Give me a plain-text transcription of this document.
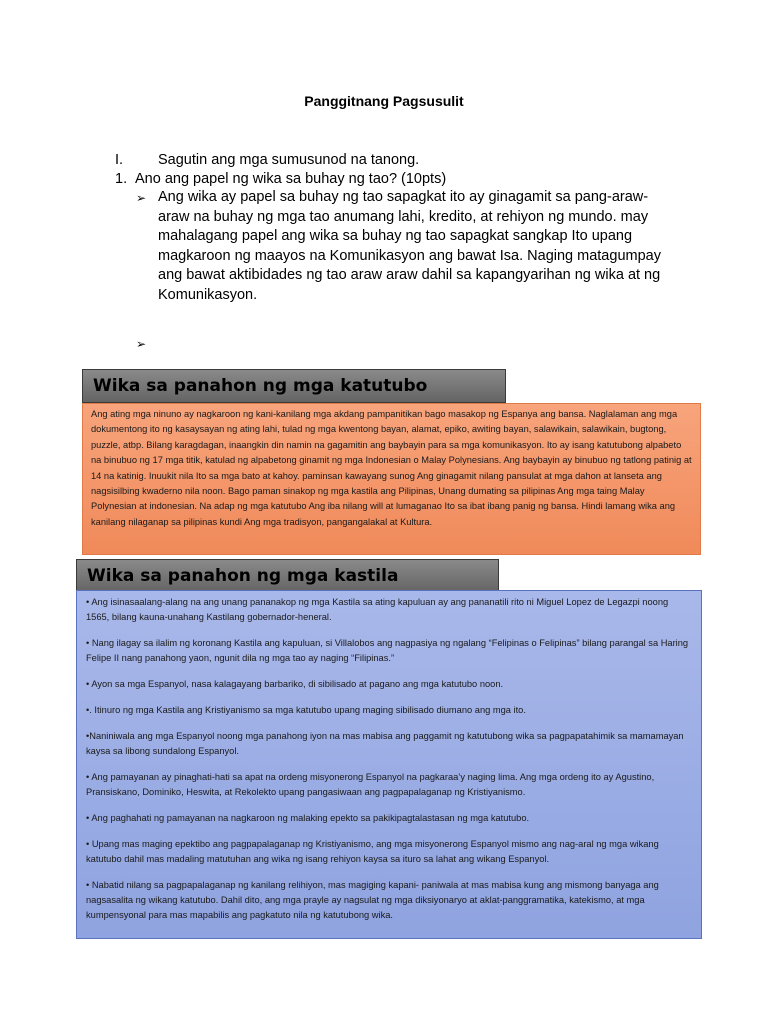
Panggitnang Pagsusulit
I. Sagutin ang mga sumusunod na tanong.
1. Ano ang papel ng wika sa buhay ng tao? (10pts)
➢ Ang wika ay papel sa buhay ng tao sapagkat ito ay ginagamit sa pang-araw-araw na buhay ng mga tao anumang lahi, kredito, at rehiyon ng mundo. may mahalagang papel ang wika sa buhay ng tao sapagkat sangkap Ito upang magkaroon ng maayos na Komunikasyon ang bawat Isa. Naging matagumpay ang bawat aktibidades ng tao araw araw dahil sa kapangyarihan ng wika at ng Komunikasyon.
➢
Wika sa panahon ng mga katutubo
Ang ating mga ninuno ay nagkaroon ng kani-kanilang mga akdang pampanitikan bago masakop ng Espanya ang bansa. Naglalaman ang mga dokumentong ito ng kasaysayan ng ating lahi, tulad ng mga kwentong bayan, alamat, epiko, awiting bayan, salawikain, salawikain, bugtong, puzzle, atbp. Bilang karagdagan, inaangkin din namin na gagamitin ang baybayin para sa mga komunikasyon. Ito ay isang katutubong alpabeto na binubuo ng 17 mga titik, katulad ng alpabetong ginamit ng mga Indonesian o Malay Polynesians. Ang baybayin ay binubuo ng tatlong patinig at 14 na katinig. Inuukit nila Ito sa mga bato at kahoy. paminsan kawayang sunog Ang ginagamit nilang pansulat at mga dahon at lanseta ang nagsisilbing kwaderno nila noon. Bago paman sinakop ng mga kastila ang Pilipinas, Unang dumating sa pilipinas Ang mga taing Malay Polynesian at indonesian. Na adap ng mga katutubo Ang iba nilang will at lumaganao Ito sa ibat ibang panig ng bansa. Hindi lamang wika ang kanilang nilaganap sa pilipinas kundi Ang mga tradisyon, pangangalakal at Kultura.
Wika sa panahon ng mga kastila

• Ang isinasaalang-alang na ang unang pananakop ng mga Kastila sa ating kapuluan ay ang pananatili rito ni Miguel Lopez de Legazpi noong 1565, bilang kauna-unahang Kastilang gobernador-heneral.

• Nang ilagay sa ilalim ng koronang Kastila ang kapuluan, si Villalobos ang nagpasiya ng ngalang “Felipinas o Felipinas” bilang parangal sa Haring Felipe II nang panahong yaon, ngunit dila ng mga tao ay naging “Filipinas.”

• Ayon sa mga Espanyol, nasa kalagayang barbariko, di sibilisado at pagano ang mga katutubo noon.

•. Itinuro ng mga Kastila ang Kristiyanismo sa mga katutubo upang maging sibilisado diumano ang mga ito.

•Naniniwala ang mga Espanyol noong mga panahong iyon na mas mabisa ang paggamit ng katutubong wika sa pagpapatahimik sa mamamayan kaysa sa libong sundalong Espanyol.

• Ang pamayanan ay pinaghati-hati sa apat na ordeng misyonerong Espanyol na pagkaraa’y naging lima. Ang mga ordeng ito ay Agustino, Pransiskano, Dominiko, Heswita, at Rekolekto upang pangasiwaan ang pagpapalaganap ng Kristiyanismo.

• Ang paghahati ng pamayanan na nagkaroon ng malaking epekto sa pakikipagtalastasan ng mga katutubo.

• Upang mas maging epektibo ang pagpapalaganap ng Kristiyanismo, ang mga misyonerong Espanyol mismo ang nag-aral ng mga wikang katutubo dahil mas madaling matutuhan ang wika ng isang rehiyon kaysa sa ituro sa lahat ang wikang Espanyol.

• Nabatid nilang sa pagpapalaganap ng kanilang relihiyon, mas magiging kapani- paniwala at mas mabisa kung ang mismong banyaga ang nagsasalita ng wikang katutubo. Dahil dito, ang mga prayle ay nagsulat ng mga diksiyonaryo at aklat-panggramatika, katekismo, at mga kumpensyonal para mas mapabilis ang pagkatuto nila ng katutubong wika.
